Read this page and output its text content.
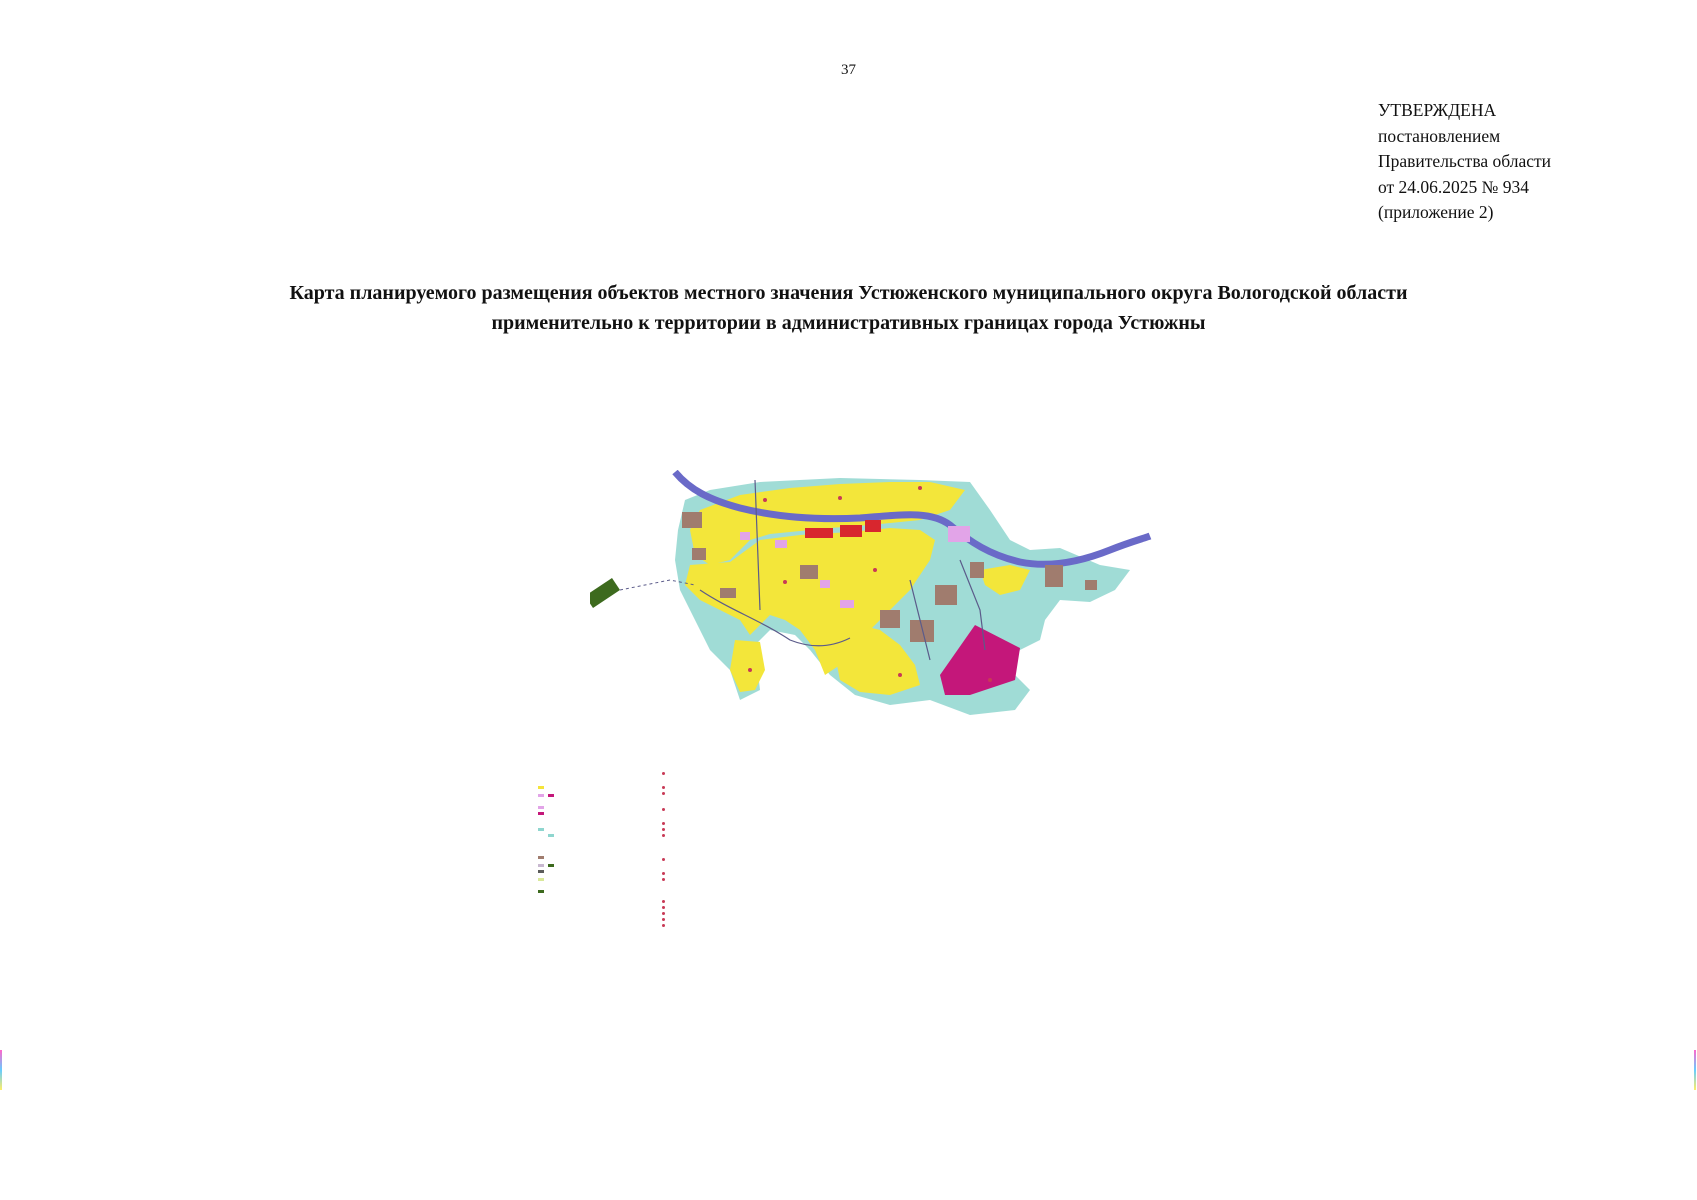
37
УТВЕРЖДЕНА
постановлением
Правительства области
от 24.06.2025 № 934
(приложение 2)
Карта планируемого размещения объектов местного значения Устюженского муниципального округа Вологодской области
применительно к территории в административных границах города Устюжны
